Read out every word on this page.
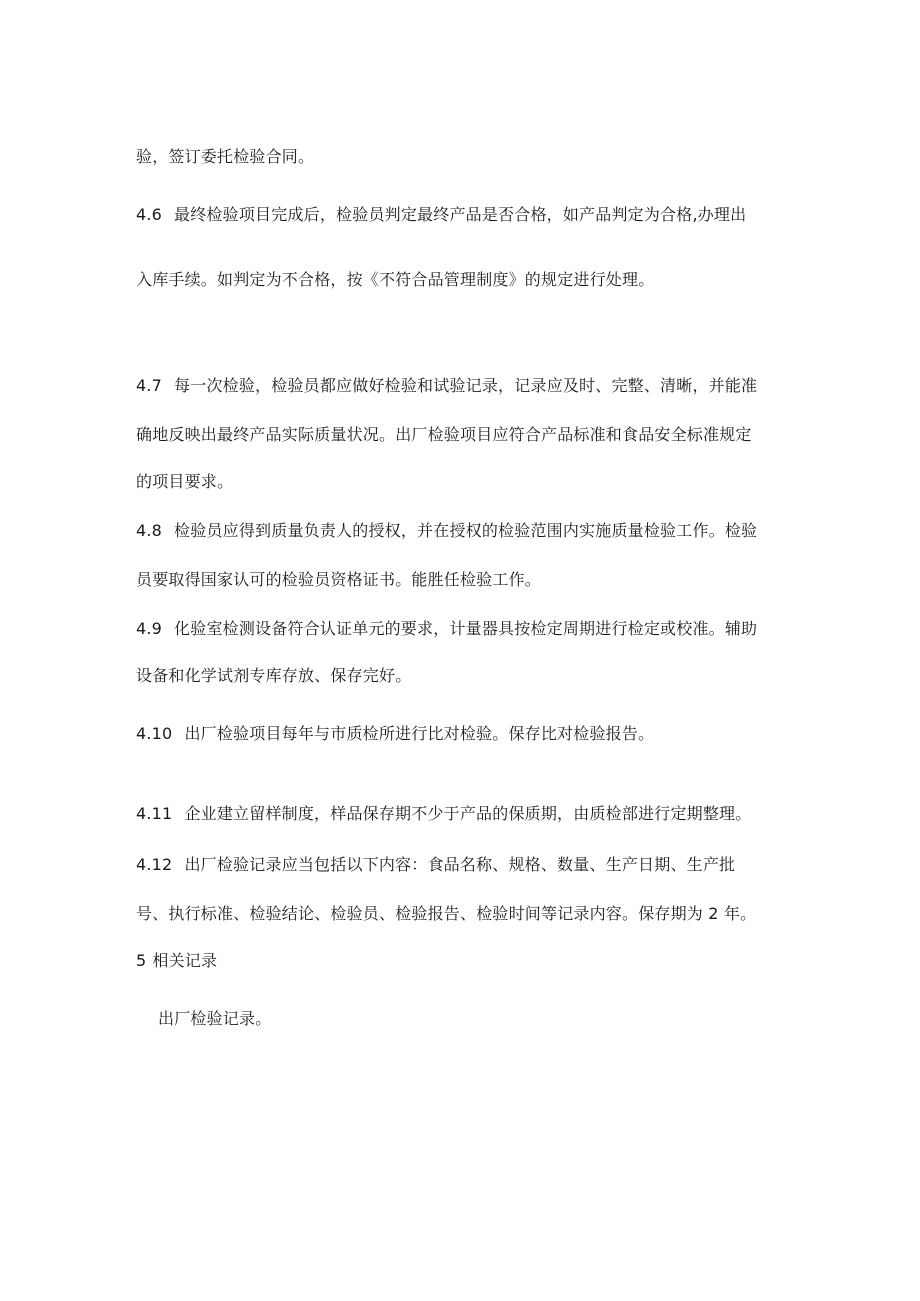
验，签订委托检验合同。

4.6 最终检验项目完成后，检验员判定最终产品是否合格，如产品判定为合格,办理出

入库手续。如判定为不合格，按《不符合品管理制度》的规定进行处理。

4.7 每一次检验，检验员都应做好检验和试验记录，记录应及时、完整、清晰，并能准

确地反映出最终产品实际质量状况。出厂检验项目应符合产品标准和食品安全标准规定

的项目要求。

4.8 检验员应得到质量负责人的授权，并在授权的检验范围内实施质量检验工作。检验

员要取得国家认可的检验员资格证书。能胜任检验工作。

4.9 化验室检测设备符合认证单元的要求，计量器具按检定周期进行检定或校准。辅助

设备和化学试剂专库存放、保存完好。

4.10 出厂检验项目每年与市质检所进行比对检验。保存比对检验报告。

4.11 企业建立留样制度，样品保存期不少于产品的保质期，由质检部进行定期整理。

4.12 出厂检验记录应当包括以下内容：食品名称、规格、数量、生产日期、生产批

号、执行标准、检验结论、检验员、检验报告、检验时间等记录内容。保存期为 2 年。

5 相关记录

出厂检验记录。
